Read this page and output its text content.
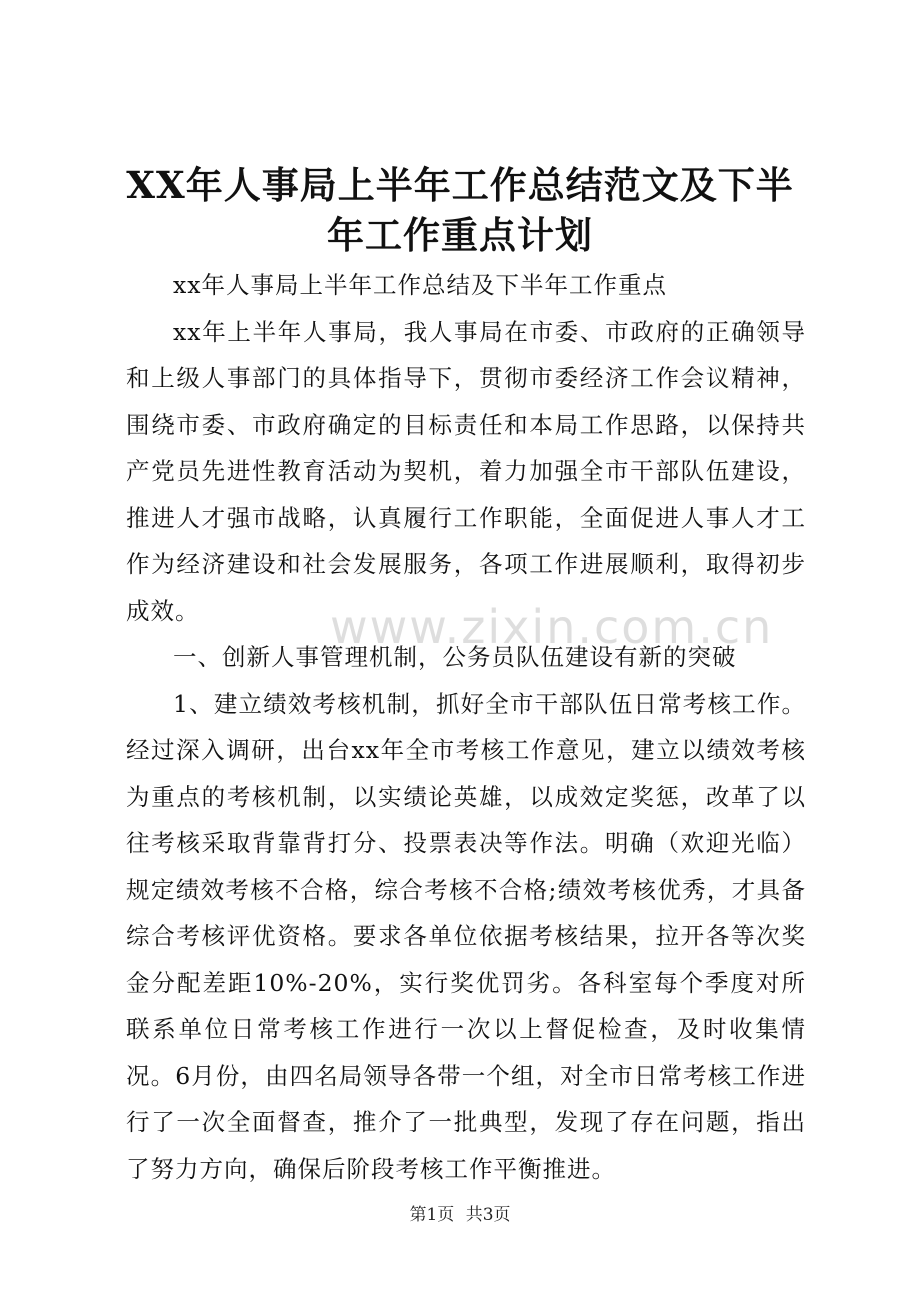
XX年人事局上半年工作总结范文及下半年工作重点计划

xx年人事局上半年工作总结及下半年工作重点

xx年上半年人事局，我人事局在市委、市政府的正确领导和上级人事部门的具体指导下，贯彻市委经济工作会议精神，围绕市委、市政府确定的目标责任和本局工作思路，以保持共产党员先进性教育活动为契机，着力加强全市干部队伍建设，推进人才强市战略，认真履行工作职能，全面促进人事人才工作为经济建设和社会发展服务，各项工作进展顺利，取得初步成效。

一、创新人事管理机制，公务员队伍建设有新的突破

1、建立绩效考核机制，抓好全市干部队伍日常考核工作。经过深入调研，出台xx年全市考核工作意见，建立以绩效考核为重点的考核机制，以实绩论英雄，以成效定奖惩，改革了以往考核采取背靠背打分、投票表决等作法。明确（欢迎光临）规定绩效考核不合格，综合考核不合格;绩效考核优秀，才具备综合考核评优资格。要求各单位依据考核结果，拉开各等次奖金分配差距10%-20%，实行奖优罚劣。各科室每个季度对所联系单位日常考核工作进行一次以上督促检查，及时收集情况。6月份，由四名局领导各带一个组，对全市日常考核工作进行了一次全面督查，推介了一批典型，发现了存在问题，指出了努力方向，确保后阶段考核工作平衡推进。

www.zixin.com.cn
第1页 共3页
